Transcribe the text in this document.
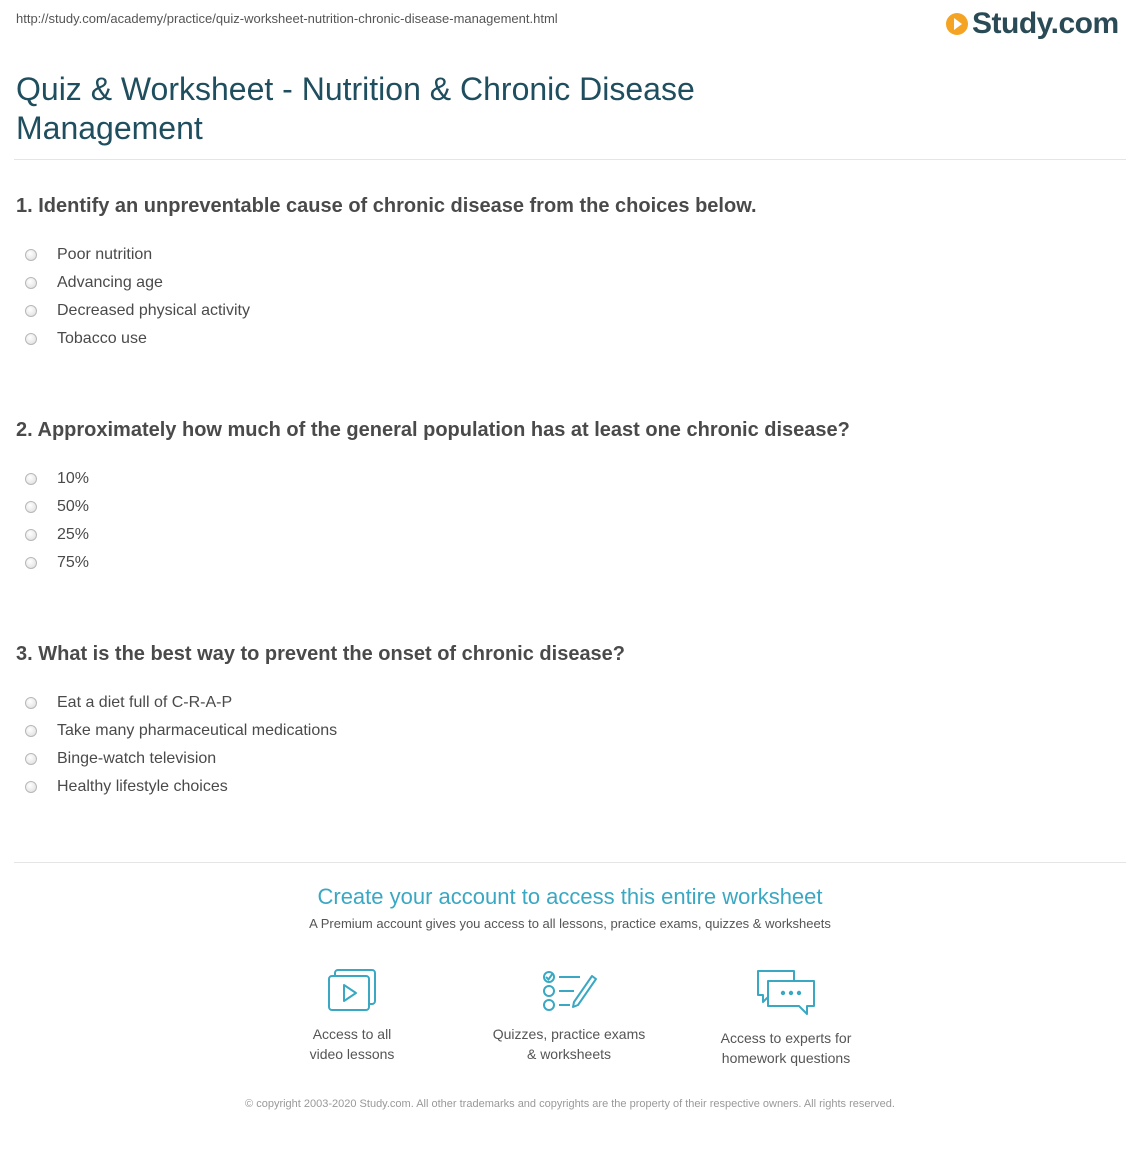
http://study.com/academy/practice/quiz-worksheet-nutrition-chronic-disease-management.html	Study.com
Quiz & Worksheet - Nutrition & Chronic Disease Management

1. Identify an unpreventable cause of chronic disease from the choices below.

Poor nutrition
Advancing age
Decreased physical activity
Tobacco use

2. Approximately how much of the general population has at least one chronic disease?

10%
50%
25%
75%

3. What is the best way to prevent the onset of chronic disease?

Eat a diet full of C-R-A-P
Take many pharmaceutical medications
Binge-watch television
Healthy lifestyle choices
Create your account to access this entire worksheet
A Premium account gives you access to all lessons, practice exams, quizzes & worksheets
Access to all
video lessons
Quizzes, practice exams
& worksheets
Access to experts for
homework questions
© copyright 2003-2020 Study.com. All other trademarks and copyrights are the property of their respective owners. All rights reserved.
